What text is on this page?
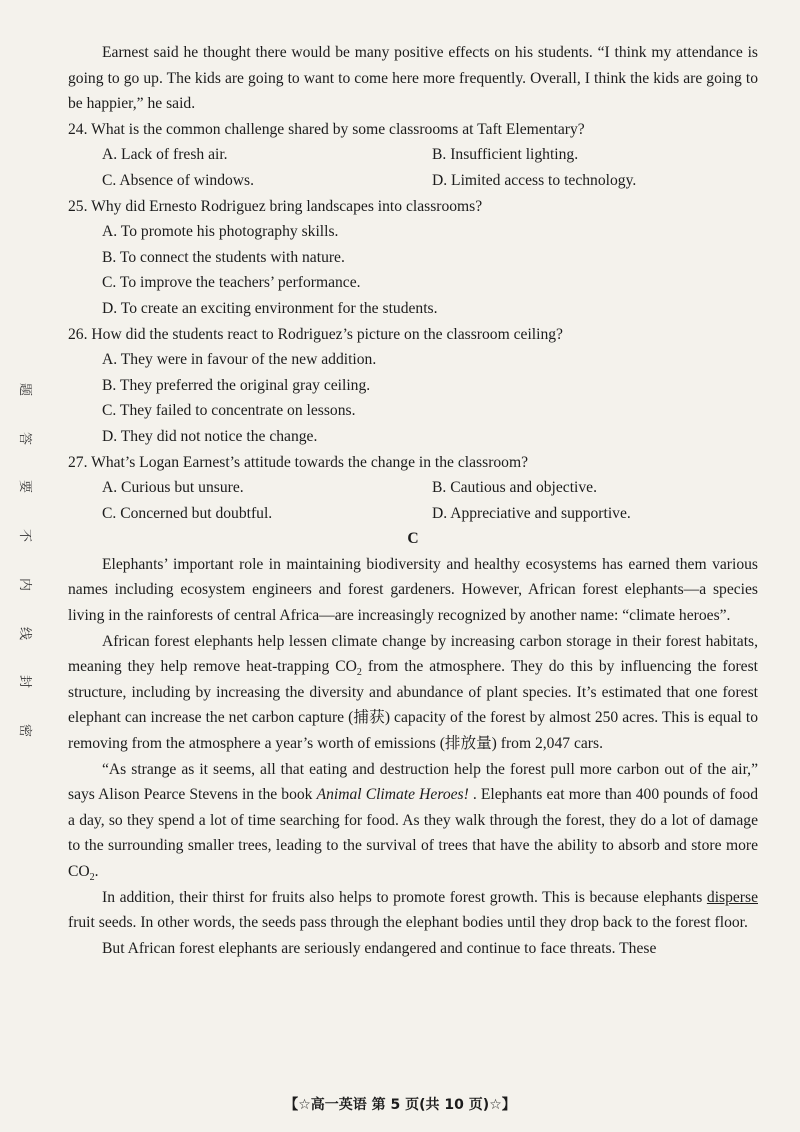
题
答
要
不
内
线
封
密

Earnest said he thought there would be many positive effects on his students. “I think my attendance is going to go up. The kids are going to want to come here more frequently. Overall, I think the kids are going to be happier,” he said.

24. What is the common challenge shared by some classrooms at Taft Elementary?

A. Lack of fresh air.	B. Insufficient lighting.
C. Absence of windows.	D. Limited access to technology.

25. Why did Ernesto Rodriguez bring landscapes into classrooms?

A. To promote his photography skills.

B. To connect the students with nature.

C. To improve the teachers’ performance.

D. To create an exciting environment for the students.

26. How did the students react to Rodriguez’s picture on the classroom ceiling?

A. They were in favour of the new addition.

B. They preferred the original gray ceiling.

C. They failed to concentrate on lessons.

D. They did not notice the change.

27. What’s Logan Earnest’s attitude towards the change in the classroom?

A. Curious but unsure.	B. Cautious and objective.
C. Concerned but doubtful.	D. Appreciative and supportive.

C

Elephants’ important role in maintaining biodiversity and healthy ecosystems has earned them various names including ecosystem engineers and forest gardeners. However, African forest elephants—a species living in the rainforests of central Africa—are increasingly recognized by another name: “climate heroes”.

African forest elephants help lessen climate change by increasing carbon storage in their forest habitats, meaning they help remove heat-trapping $CO_2$ from the atmosphere. They do this by influencing the forest structure, including by increasing the diversity and abundance of plant species. It’s estimated that one forest elephant can increase the net carbon capture (捕获) capacity of the forest by almost 250 acres. This is equal to removing from the atmosphere a year’s worth of emissions (排放量) from 2,047 cars.

“As strange as it seems, all that eating and destruction help the forest pull more carbon out of the air,” says Alison Pearce Stevens in the book Animal Climate Heroes! . Elephants eat more than 400 pounds of food a day, so they spend a lot of time searching for food. As they walk through the forest, they do a lot of damage to the surrounding smaller trees, leading to the survival of trees that have the ability to absorb and store more $CO_2$.

In addition, their thirst for fruits also helps to promote forest growth. This is because elephants disperse fruit seeds. In other words, the seeds pass through the elephant bodies until they drop back to the forest floor.

But African forest elephants are seriously endangered and continue to face threats. These

【☆高一英语 第 5 页(共 10 页)☆】
